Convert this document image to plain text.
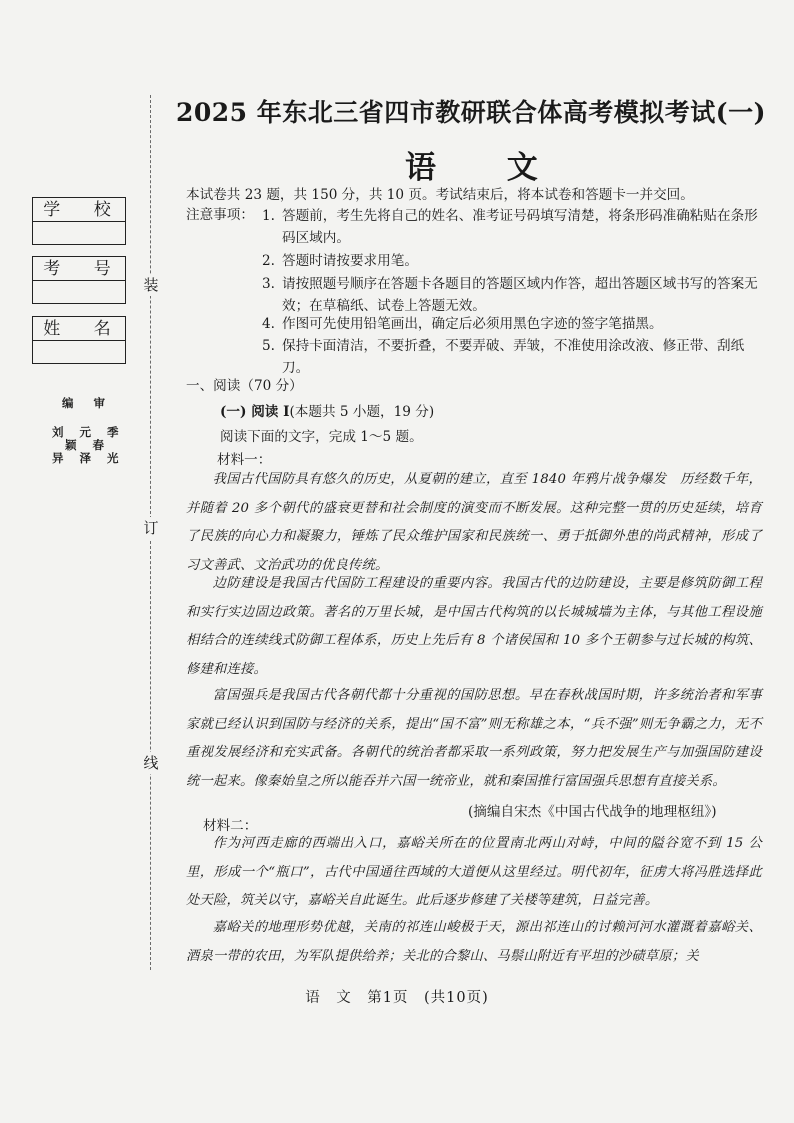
装
订
线
学 校
考 号
姓 名
编 审
刘 元 季
颖 春
异 泽 光
2025 年东北三省四市教研联合体高考模拟考试(一)
语 文
本试卷共 23 题，共 150 分，共 10 页。考试结束后，将本试卷和答题卡一并交回。
注意事项： 1. 答题前，考生先将自己的姓名、准考证号码填写清楚，将条形码准确粘贴在条形码区域内。
2. 答题时请按要求用笔。
3. 请按照题号顺序在答题卡各题目的答题区域内作答，超出答题区域书写的答案无效；在草稿纸、试卷上答题无效。
4. 作图可先使用铅笔画出，确定后必须用黑色字迹的签字笔描黑。
5. 保持卡面清洁，不要折叠，不要弄破、弄皱，不准使用涂改液、修正带、刮纸刀。
一、阅读（70 分）
(一) 阅读 I(本题共 5 小题，19 分)
阅读下面的文字，完成 1～5 题。
材料一：
我国古代国防具有悠久的历史，从夏朝的建立，直至 1840 年鸦片战争爆发　历经数千年，并随着 20 多个朝代的盛衰更替和社会制度的演变而不断发展。这种完整一贯的历史延续，培育了民族的向心力和凝聚力，锤炼了民众维护国家和民族统一、勇于抵御外患的尚武精神，形成了习文善武、文治武功的优良传统。
边防建设是我国古代国防工程建设的重要内容。我国古代的边防建设，主要是修筑防御工程和实行实边固边政策。著名的万里长城，是中国古代构筑的以长城城墙为主体，与其他工程设施相结合的连续线式防御工程体系，历史上先后有 8 个诸侯国和 10 多个王朝参与过长城的构筑、修建和连接。
富国强兵是我国古代各朝代都十分重视的国防思想。早在春秋战国时期，许多统治者和军事家就已经认识到国防与经济的关系，提出“国不富”则无称雄之本，“兵不强”则无争霸之力，无不重视发展经济和充实武备。各朝代的统治者都采取一系列政策，努力把发展生产与加强国防建设统一起来。像秦始皇之所以能吞并六国一统帝业，就和秦国推行富国强兵思想有直接关系。
(摘编自宋杰《中国古代战争的地理枢纽》)
材料二：
作为河西走廊的西端出入口，嘉峪关所在的位置南北两山对峙，中间的隘谷宽不到 15 公里，形成一个“瓶口”，古代中国通往西域的大道便从这里经过。明代初年，征虏大将冯胜选择此处天险，筑关以守，嘉峪关自此诞生。此后逐步修建了关楼等建筑，日益完善。
嘉峪关的地理形势优越，关南的祁连山峻极于天，源出祁连山的讨赖河河水灌溉着嘉峪关、酒泉一带的农田，为军队提供给养；关北的合黎山、马鬃山附近有平坦的沙碛草原；关
语　文　第1页　(共10页)
